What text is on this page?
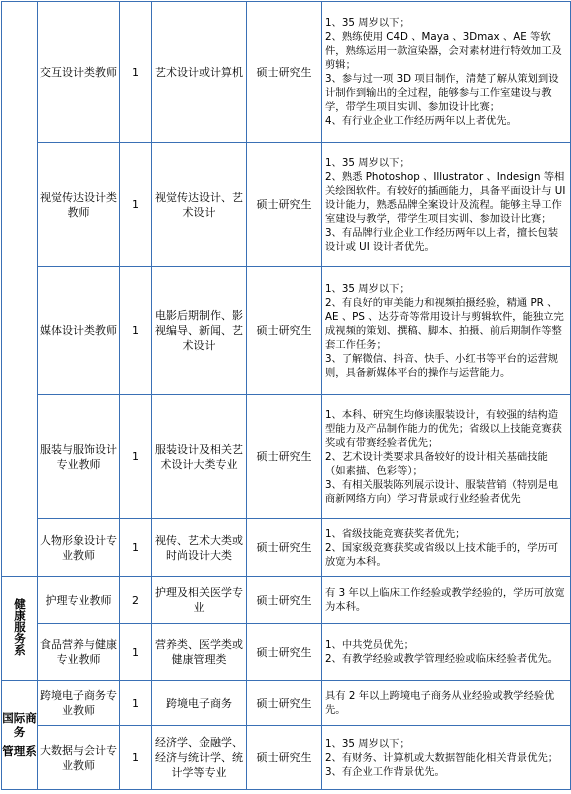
	交互设计类教师	1	艺术设计或计算机	硕士研究生	1、35 周岁以下；
2、熟练使用 C4D 、Maya 、3Dmax 、AE 等软件，熟练运用一款渲染器，会对素材进行特效加工及剪辑；
3、参与过一项 3D 项目制作，清楚了解从策划到设计制作到输出的全过程，能够参与工作室建设与教学，带学生项目实训、参加设计比赛；
4、有行业企业工作经历两年以上者优先。

	视觉传达设计类教师	1	视觉传达设计、艺术设计	硕士研究生	1、35 周岁以下；
2、熟悉 Photoshop 、Illustrator 、Indesign 等相关绘图软件。有较好的插画能力，具备平面设计与 UI 设计能力，熟悉品牌全案设计及流程。能够主导工作室建设与教学，带学生项目实训、参加设计比赛；
3、有品牌行业企业工作经历两年以上者，擅长包装设计或 UI 设计者优先。

	媒体设计类教师	1	电影后期制作、影视编导、新闻、艺术设计	硕士研究生	1、35 周岁以下；
2、有良好的审美能力和视频拍摄经验，精通 PR 、AE 、PS 、达芬奇等常用设计与剪辑软件，能独立完成视频的策划、撰稿、脚本、拍摄、前后期制作等整套工作任务；
3、了解微信、抖音、快手、小红书等平台的运营规则，具备新媒体平台的操作与运营能力。

	服装与服饰设计专业教师	1	服装设计及相关艺术设计大类专业	硕士研究生	1、本科、研究生均修读服装设计，有较强的结构造型能力及产品制作能力的优先；省级以上技能竞赛获奖或有带赛经验者优先；
2、艺术设计类要求具备较好的设计相关基础技能（如素描、色彩等）；
3、有相关服装陈列展示设计、服装营销（特别是电商新网络方向）学习背景或行业经验者优先

	人物形象设计专业教师	1	视传、艺术大类或时尚设计大类	硕士研究生	1、省级技能竞赛获奖者优先；
2、国家级竞赛获奖或省级以上技术能手的，学历可放宽为本科。

健康服务系	护理专业教师	2	护理及相关医学专业	硕士研究生	有 3 年以上临床工作经验或教学经验的，学历可放宽为本科。

	食品营养与健康专业教师	1	营养类、医学类或健康管理类	硕士研究生	1、中共党员优先；
2、有教学经验或教学管理经验或临床经验者优先。

国际商务
管理系	跨境电子商务专业教师	1	跨境电子商务	硕士研究生	具有 2 年以上跨境电子商务从业经验或教学经验优先。

	大数据与会计专业教师	1	经济学、金融学、经济与统计学、统计学等专业	硕士研究生	1、35 周岁以下；
2、有财务、计算机或大数据智能化相关背景优先；
3、有企业工作背景优先。
